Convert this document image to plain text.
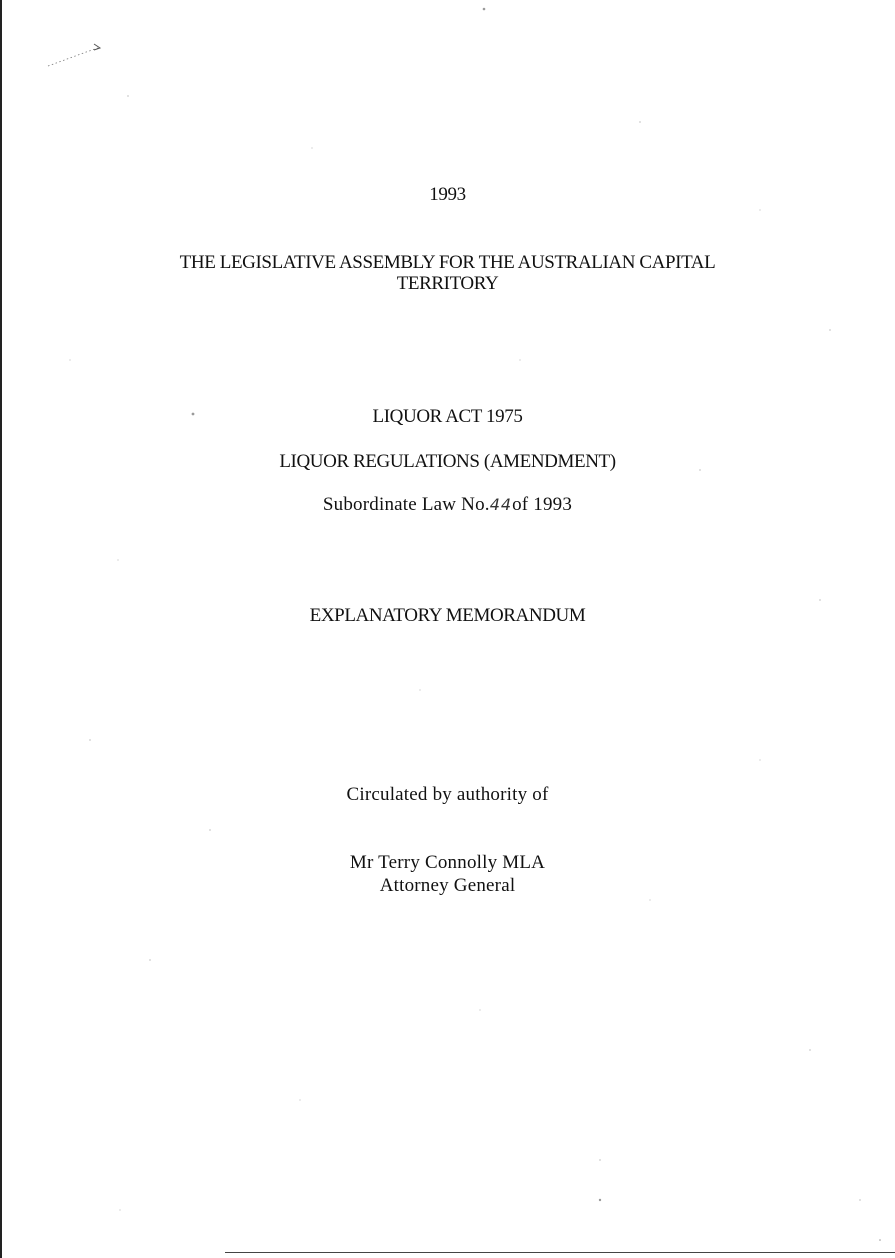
1993
THE LEGISLATIVE ASSEMBLY FOR THE AUSTRALIAN CAPITAL
TERRITORY
LIQUOR ACT 1975
LIQUOR REGULATIONS (AMENDMENT)
Subordinate Law No.44of 1993
EXPLANATORY MEMORANDUM
Circulated by authority of
Mr Terry Connolly MLA
Attorney General
